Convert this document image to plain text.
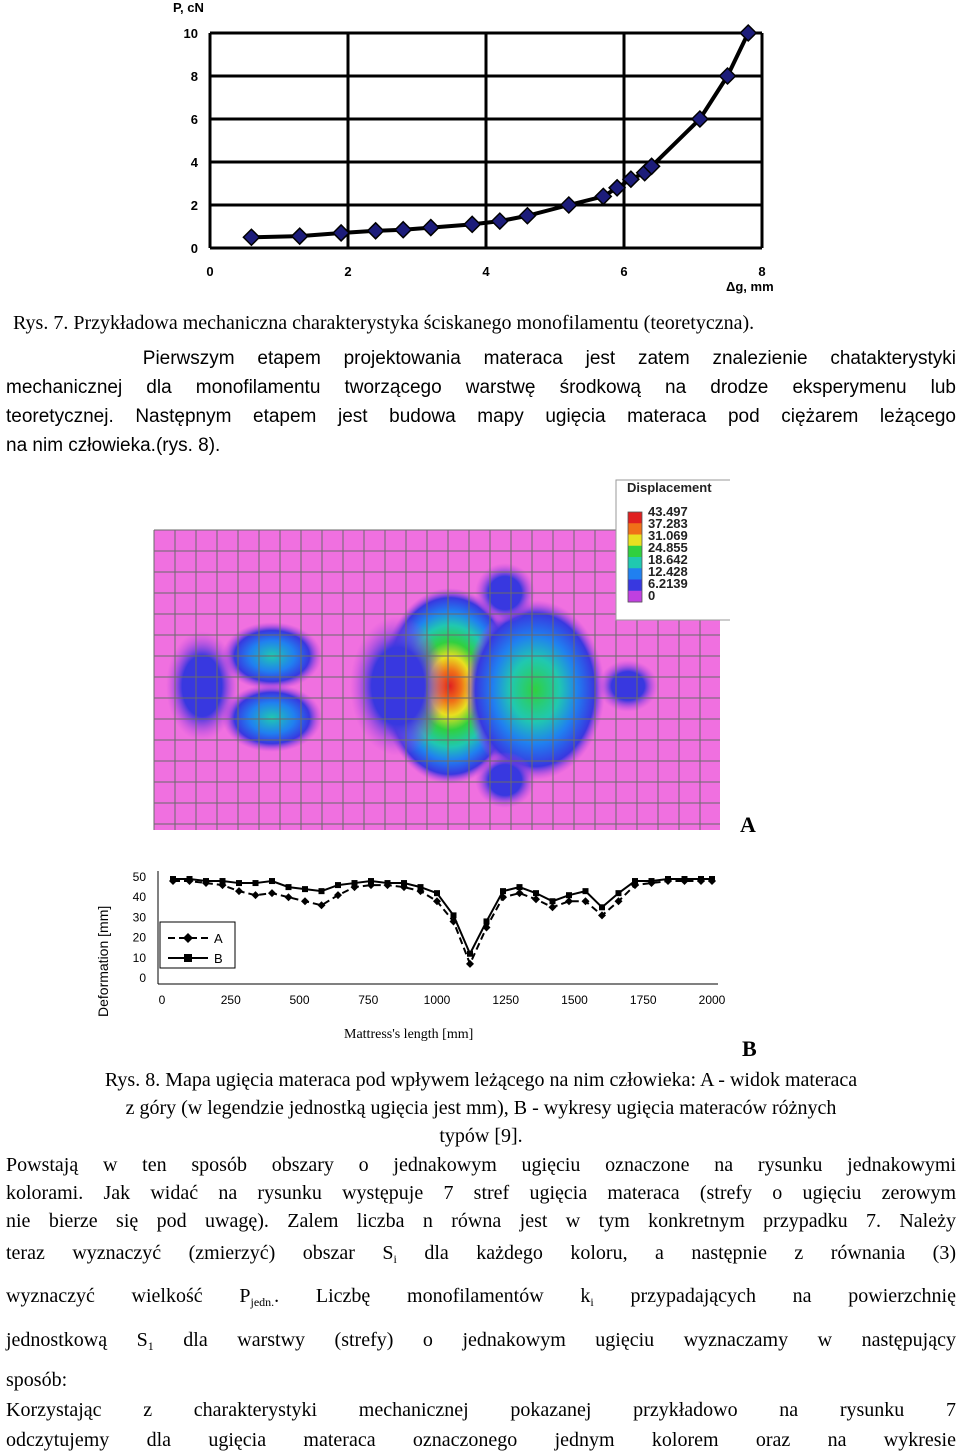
P, cN
0
2
4
6
8
10
0	2	4	6	8
Δg, mm
Rys. 7. Przykładowa mechaniczna charakterystyka ściskanego monofilamentu (teoretyczna).
Pierwszym etapem projektowania materaca jest zatem znalezienie chatakterystyki
mechanicznej dla monofilamentu tworzącego warstwę środkową na drodze eksperymenu lub
teoretycznej. Następnym etapem jest budowa mapy ugięcia materaca pod ciężarem leżącego
na nim człowieka.(rys. 8).
Displacement
43.497
37.283
31.069
24.855
18.642
12.428
6.2139
0
A
0
10
20
30
40
50
0	250	500	750	1000	1250	1500	1750	2000
Deformation [mm]
Mattress's length [mm]
A
B
B
Rys. 8. Mapa ugięcia materaca pod wpływem leżącego na nim człowieka: A - widok materaca
z góry (w legendzie jednostką ugięcia jest mm), B - wykresy ugięcia materaców różnych
typów [9].
Powstają w ten sposób obszary o jednakowym ugięciu oznaczone na rysunku jednakowymi
kolorami. Jak widać na rysunku występuje 7 stref ugięcia materaca (strefy o ugięciu zerowym
nie bierze się pod uwagę). Zalem liczba n równa jest w tym konkretnym przypadku 7. Należy
teraz wyznaczyć (zmierzyć) obszar $S_i$ dla każdego koloru, a następnie z równania (3)
wyznaczyć wielkość $P_{jedn.}$. Liczbę monofilamentów $k_i$ przypadających na powierzchnię
jednostkową $S_1$ dla warstwy (strefy) o jednakowym ugięciu wyznaczamy w następujący
sposób:
Korzystając z charakterystyki mechanicznej pokazanej przykładowo na rysunku 7
odczytujemy dla ugięcia materaca oznaczonego jednym kolorem oraz na wykresie
